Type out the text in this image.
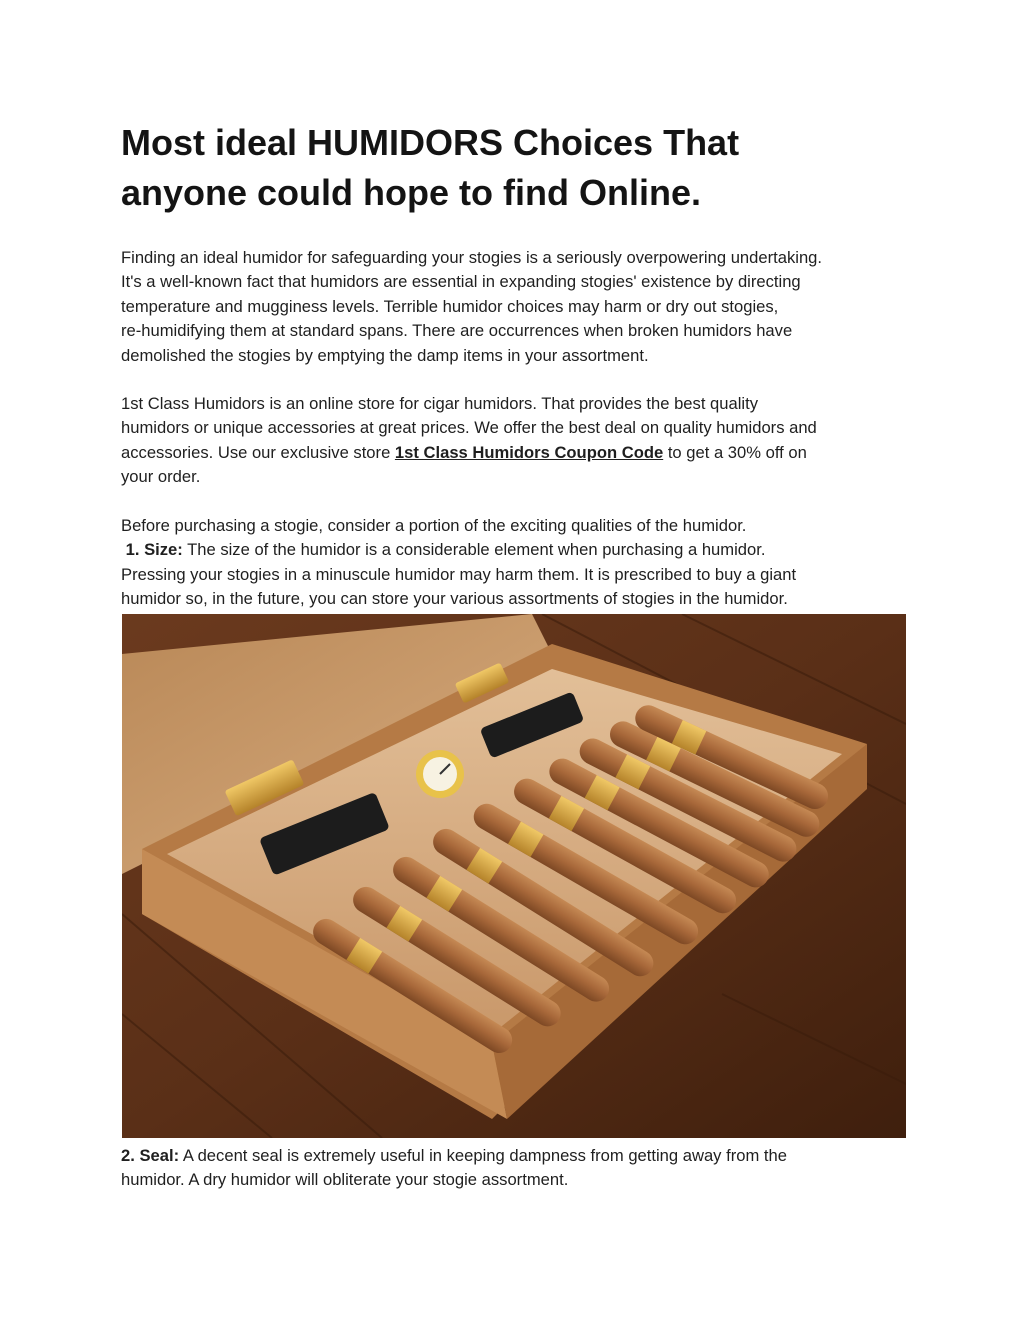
Most ideal HUMIDORS Choices That
anyone could hope to find Online.

Finding an ideal humidor for safeguarding your stogies is a seriously overpowering undertaking.
It's a well-known fact that humidors are essential in expanding stogies' existence by directing
temperature and mugginess levels. Terrible humidor choices may harm or dry out stogies,
re-humidifying them at standard spans. There are occurrences when broken humidors have
demolished the stogies by emptying the damp items in your assortment.

1st Class Humidors is an online store for cigar humidors. That provides the best quality
humidors or unique accessories at great prices. We offer the best deal on quality humidors and
accessories. Use our exclusive store 1st Class Humidors Coupon Code to get a 30% off on
your order.

Before purchasing a stogie, consider a portion of the exciting qualities of the humidor.
1. Size: The size of the humidor is a considerable element when purchasing a humidor.
Pressing your stogies in a minuscule humidor may harm them. It is prescribed to buy a giant
humidor so, in the future, you can store your various assortments of stogies in the humidor.

2. Seal: A decent seal is extremely useful in keeping dampness from getting away from the
humidor. A dry humidor will obliterate your stogie assortment.
